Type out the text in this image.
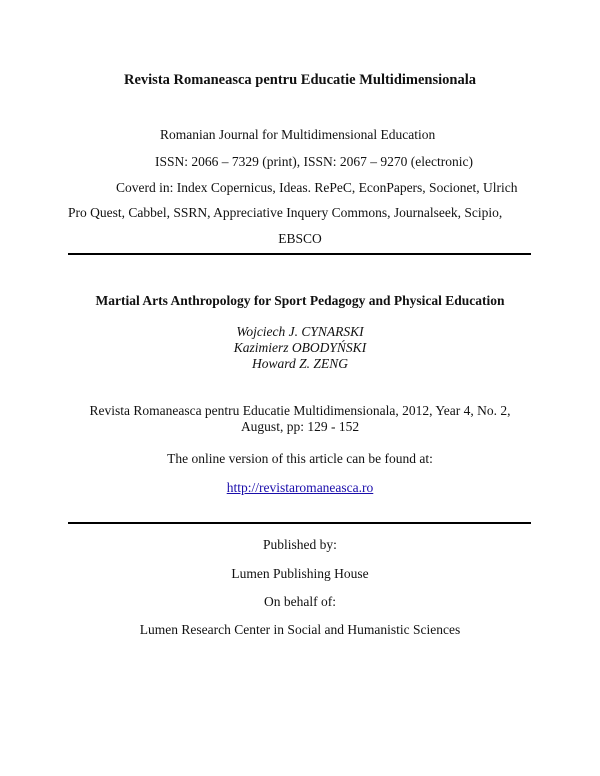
Revista Romaneasca pentru Educatie Multidimensionala
Romanian Journal for Multidimensional Education
ISSN: 2066 – 7329 (print), ISSN: 2067 – 9270 (electronic)
Coverd in: Index Copernicus, Ideas. RePeC, EconPapers, Socionet, Ulrich
Pro Quest, Cabbel, SSRN, Appreciative Inquery Commons, Journalseek, Scipio,
EBSCO
Martial Arts Anthropology for Sport Pedagogy and Physical Education
Wojciech J. CYNARSKI
Kazimierz OBODYŃSKI
Howard Z. ZENG
Revista Romaneasca pentru Educatie Multidimensionala, 2012, Year 4, No. 2,
August, pp: 129 - 152
The online version of this article can be found at:
http://revistaromaneasca.ro
Published by:
Lumen Publishing House
On behalf of:
Lumen Research Center in Social and Humanistic Sciences
